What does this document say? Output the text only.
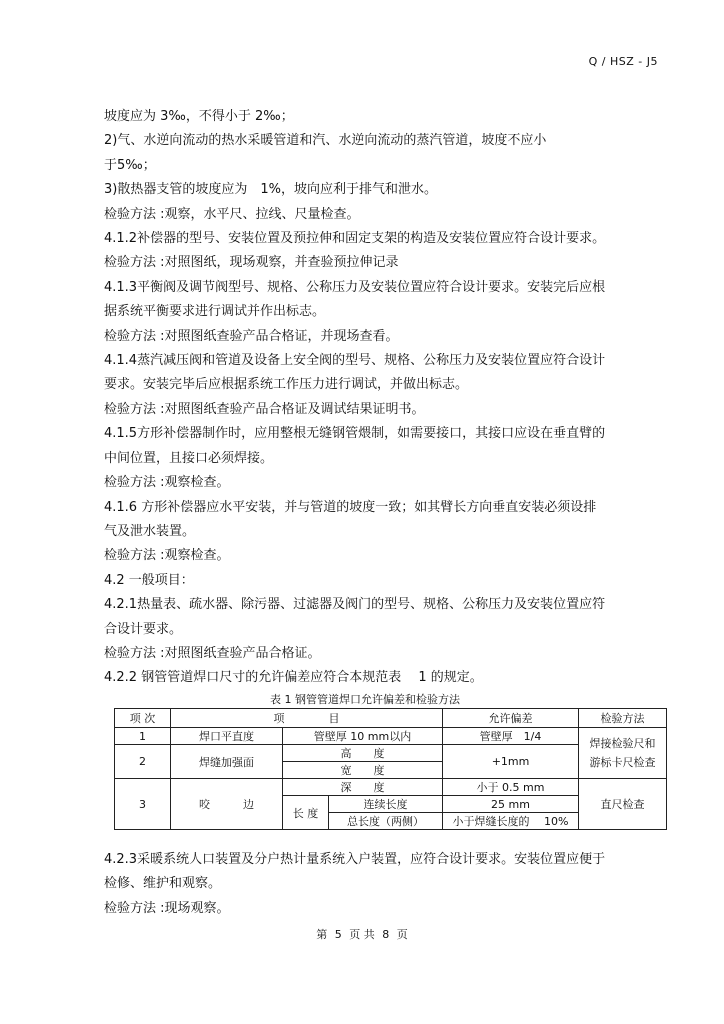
Q / HSZ - J5

坡度应为 3‰，不得小于 2‰；

2)气、水逆向流动的热水采暖管道和汽、水逆向流动的蒸汽管道，坡度不应小

于5‰；

3)散热器支管的坡度应为　1%，坡向应利于排气和泄水。

检验方法 :观察，水平尺、拉线、尺量检查。

4.1.2补偿器的型号、安装位置及预拉伸和固定支架的构造及安装位置应符合设计要求。

检验方法 :对照图纸，现场观察，并查验预拉伸记录

4.1.3平衡阀及调节阀型号、规格、公称压力及安装位置应符合设计要求。安装完后应根

据系统平衡要求进行调试并作出标志。

检验方法 :对照图纸查验产品合格证，并现场查看。

4.1.4蒸汽减压阀和管道及设备上安全阀的型号、规格、公称压力及安装位置应符合设计

要求。安装完毕后应根据系统工作压力进行调试，并做出标志。

检验方法 :对照图纸查验产品合格证及调试结果证明书。

4.1.5方形补偿器制作时，应用整根无缝钢管煨制，如需要接口，其接口应设在垂直臂的

中间位置，且接口必须焊接。

检验方法 :观察检查。

4.1.6 方形补偿器应水平安装，并与管道的坡度一致；如其臂长方向垂直安装必须设排

气及泄水装置。

检验方法 :观察检查。

4.2 一般项目：

4.2.1热量表、疏水器、除污器、过滤器及阀门的型号、规格、公称压力及安装位置应符

合设计要求。

检验方法 :对照图纸查验产品合格证。

4.2.2 钢管管道焊口尺寸的允许偏差应符合本规范表　 1 的规定。

表 1 钢管管道焊口允许偏差和检验方法
项 次	项　　　　目			允许偏差	检验方法
1	焊口平直度	管壁厚 10 mm以内		管壁厚　1/4	焊接检验尺和游标卡尺检查
2	焊缝加强面	高　　度		+1mm	
		宽　　度			
3	咬　　　边	深　　度		小于 0.5 mm	直尺检查
		长 度	连续长度	25 mm	
			总长度（两侧）	小于焊缝长度的　 10%	

4.2.3采暖系统人口装置及分户热计量系统入户装置，应符合设计要求。安装位置应便于

检修、维护和观察。

检验方法 :现场观察。

第 5 页 共 8 页
